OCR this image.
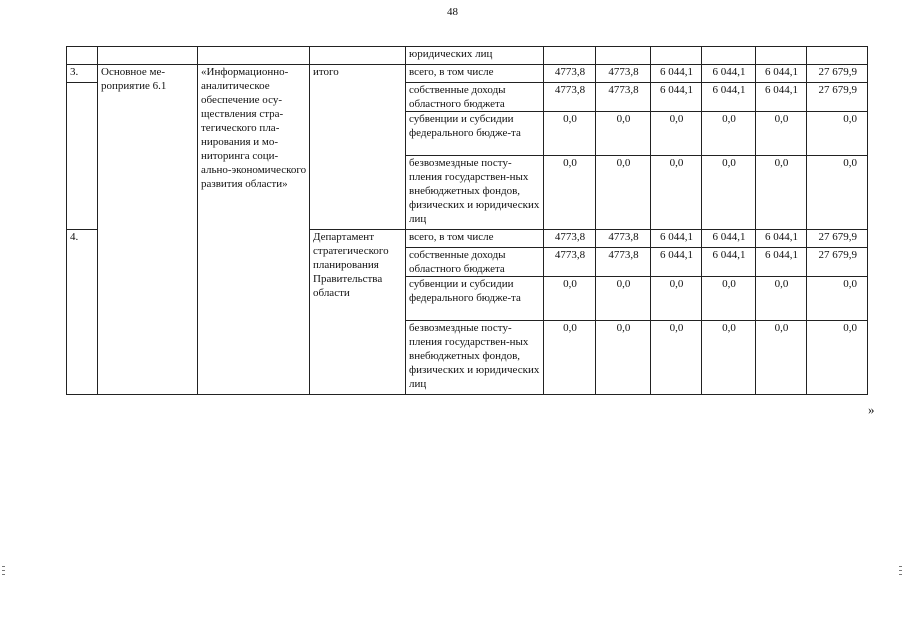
48
				юридических лиц						
3.	Основное ме-роприятие 6.1	«Информационно-аналитическое обеспечение осу-ществления стра-тегического пла-нирования и мо-ниторинга соци-ально-экономического развития области»	итого	всего, в том числе	4773,8	4773,8	6 044,1	6 044,1	6 044,1	27 679,9
				собственные доходы областного бюджета	4773,8	4773,8	6 044,1	6 044,1	6 044,1	27 679,9
				субвенции и субсидии федерального бюдже-та	0,0	0,0	0,0	0,0	0,0	0,0
				безвозмездные посту-пления государствен-ных внебюджетных фондов, физических и юридических лиц	0,0	0,0	0,0	0,0	0,0	0,0
4.			Департамент стратегического планирования Правительства области	всего, в том числе	4773,8	4773,8	6 044,1	6 044,1	6 044,1	27 679,9
				собственные доходы областного бюджета	4773,8	4773,8	6 044,1	6 044,1	6 044,1	27 679,9
				субвенции и субсидии федерального бюдже-та	0,0	0,0	0,0	0,0	0,0	0,0
				безвозмездные посту-пления государствен-ных внебюджетных фондов, физических и юридических лиц	0,0	0,0	0,0	0,0	0,0	0,0
»
